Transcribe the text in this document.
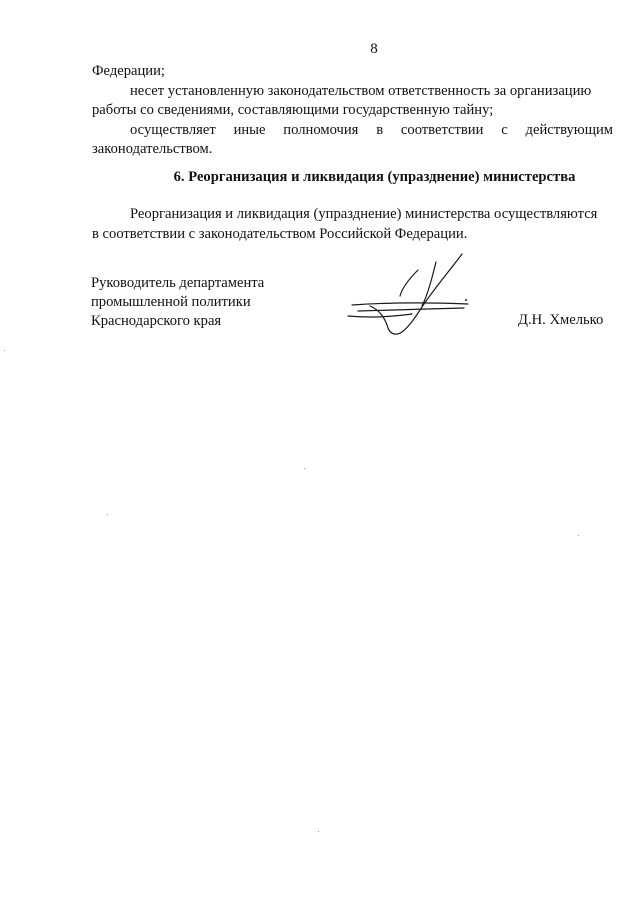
8
Федерации;
несет установленную законодательством ответственность за организацию
работы со сведениями, составляющими государственную тайну;
осуществляет иные полномочия в соответствии с действующим
законодательством.
6. Реорганизация и ликвидация (упразднение) министерства
Реорганизация и ликвидация (упразднение) министерства осуществляются
в соответствии с законодательством Российской Федерации.
Руководитель департамента
промышленной политики
Краснодарского края	Д.Н. Хмелько
